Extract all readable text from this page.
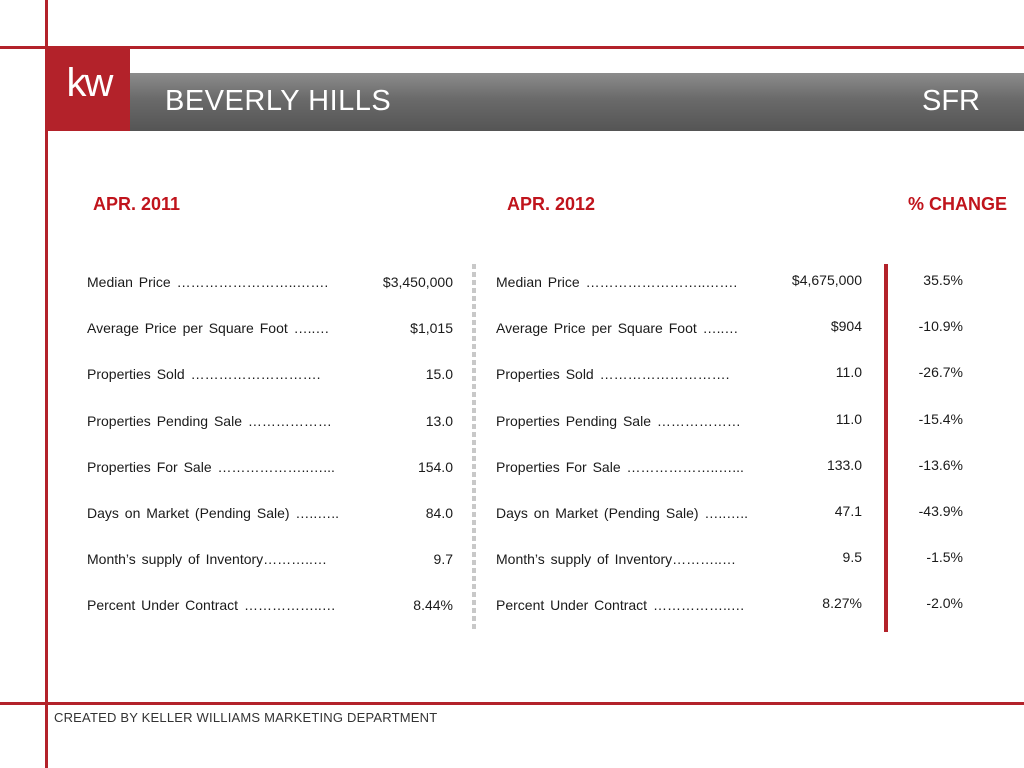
kw BEVERLY HILLS	SFR
APR. 2011	APR. 2012	% CHANGE
Median Price ……………………..…….	$3,450,000	Median Price ……………………..…….	$4,675,000	35.5%
Average Price per Square Foot …..…	$1,015	Average Price per Square Foot …..…	$904	-10.9%
Properties Sold ……………………….	15.0	Properties Sold ……………………….	11.0	-26.7%
Properties Pending Sale ………………	13.0	Properties Pending Sale ………………	11.0	-15.4%
Properties For Sale ………………..…...	154.0	Properties For Sale ………………..…...	133.0	-13.6%
Days on Market (Pending Sale) …..…..	84.0	Days on Market (Pending Sale) …..…..	47.1	-43.9%
Month’s supply of Inventory………..…	9.7	Month’s supply of Inventory………..…	9.5	-1.5%
Percent Under Contract ……………..…	8.44%	Percent Under Contract ……………..…	8.27%	-2.0%
CREATED BY KELLER WILLIAMS MARKETING DEPARTMENT
